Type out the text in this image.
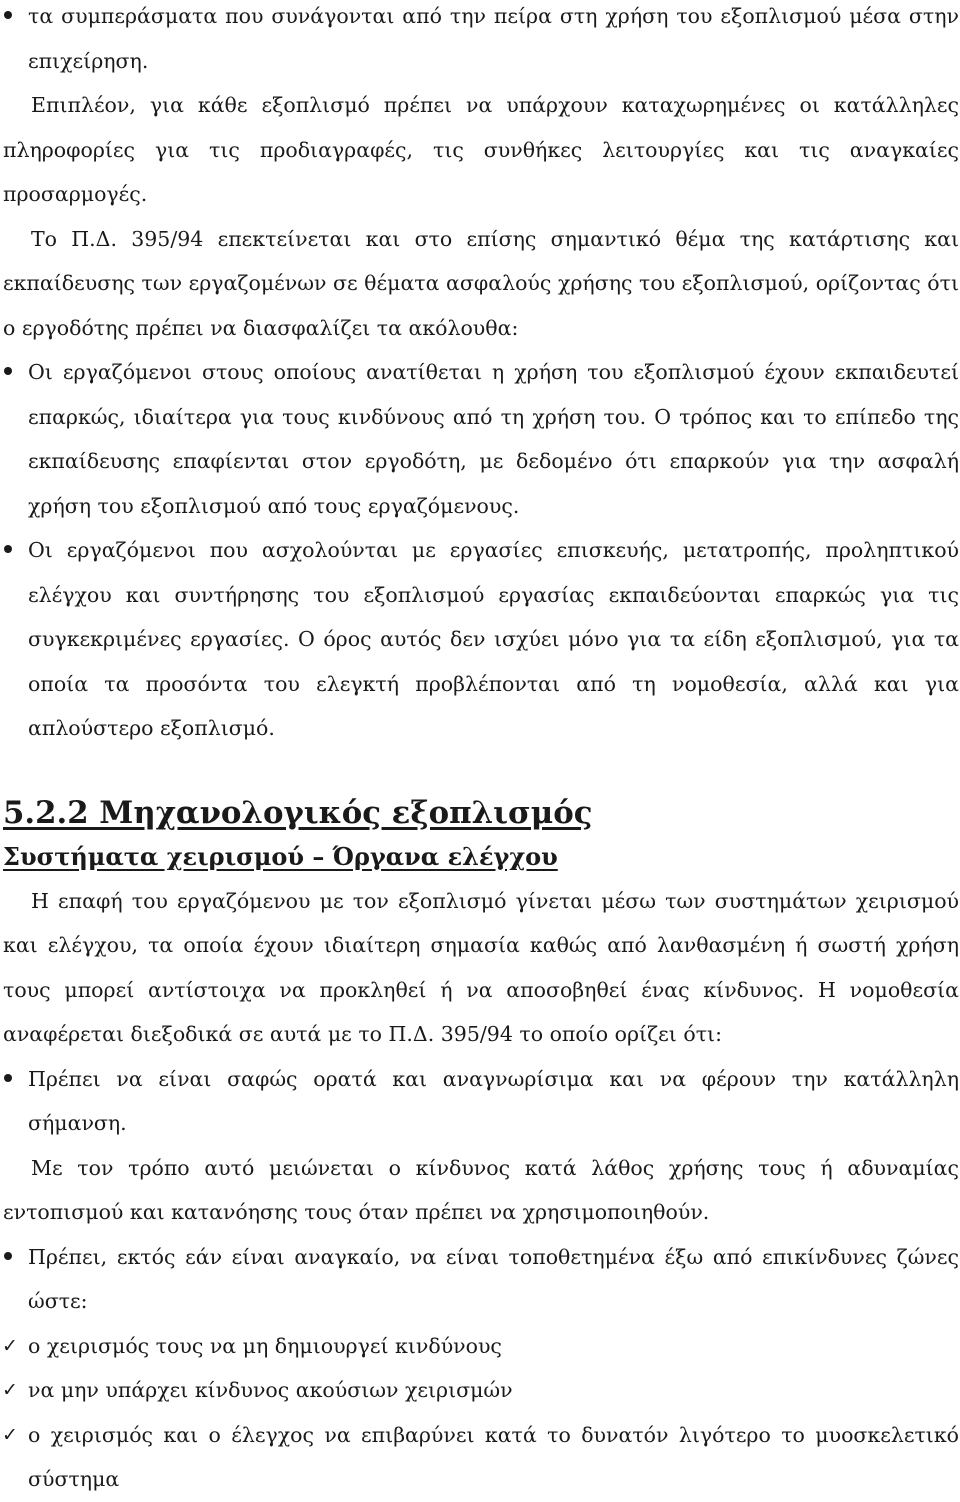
τα συμπεράσματα που συνάγονται από την πείρα στη χρήση του εξοπλισμού μέσα στην επιχείρηση.

Επιπλέον, για κάθε εξοπλισμό πρέπει να υπάρχουν καταχωρημένες οι κατάλληλες πληροφορίες για τις προδιαγραφές, τις συνθήκες λειτουργίες και τις αναγκαίες προσαρμογές.

Το Π.Δ. 395/94 επεκτείνεται και στο επίσης σημαντικό θέμα της κατάρτισης και εκπαίδευσης των εργαζομένων σε θέματα ασφαλούς χρήσης του εξοπλισμού, ορίζοντας ότι ο εργοδότης πρέπει να διασφαλίζει τα ακόλουθα:

Οι εργαζόμενοι στους οποίους ανατίθεται η χρήση του εξοπλισμού έχουν εκπαιδευτεί επαρκώς, ιδιαίτερα για τους κινδύνους από τη χρήση του. Ο τρόπος και το επίπεδο της εκπαίδευσης επαφίενται στον εργοδότη, με δεδομένο ότι επαρκούν για την ασφαλή χρήση του εξοπλισμού από τους εργαζόμενους.
Οι εργαζόμενοι που ασχολούνται με εργασίες επισκευής, μετατροπής, προληπτικού ελέγχου και συντήρησης του εξοπλισμού εργασίας εκπαιδεύονται επαρκώς για τις συγκεκριμένες εργασίες. Ο όρος αυτός δεν ισχύει μόνο για τα είδη εξοπλισμού, για τα οποία τα προσόντα του ελεγκτή προβλέπονται από τη νομοθεσία, αλλά και για απλούστερο εξοπλισμό.
5.2.2 Μηχανολογικός εξοπλισμός
Συστήματα χειρισμού – Όργανα ελέγχου

Η επαφή του εργαζόμενου με τον εξοπλισμό γίνεται μέσω των συστημάτων χειρισμού και ελέγχου, τα οποία έχουν ιδιαίτερη σημασία καθώς από λανθασμένη ή σωστή χρήση τους μπορεί αντίστοιχα να προκληθεί ή να αποσοβηθεί ένας κίνδυνος. Η νομοθεσία αναφέρεται διεξοδικά σε αυτά με το Π.Δ. 395/94 το οποίο ορίζει ότι:

Πρέπει να είναι σαφώς ορατά και αναγνωρίσιμα και να φέρουν την κατάλληλη σήμανση.

Με τον τρόπο αυτό μειώνεται ο κίνδυνος κατά λάθος χρήσης τους ή αδυναμίας εντοπισμού και κατανόησης τους όταν πρέπει να χρησιμοποιηθούν.

Πρέπει, εκτός εάν είναι αναγκαίο, να είναι τοποθετημένα έξω από επικίνδυνες ζώνες ώστε:
✓ ο χειρισμός τους να μη δημιουργεί κινδύνους
✓ να μην υπάρχει κίνδυνος ακούσιων χειρισμών
✓ ο χειρισμός και ο έλεγχος να επιβαρύνει κατά το δυνατόν λιγότερο το μυοσκελετικό σύστημα
